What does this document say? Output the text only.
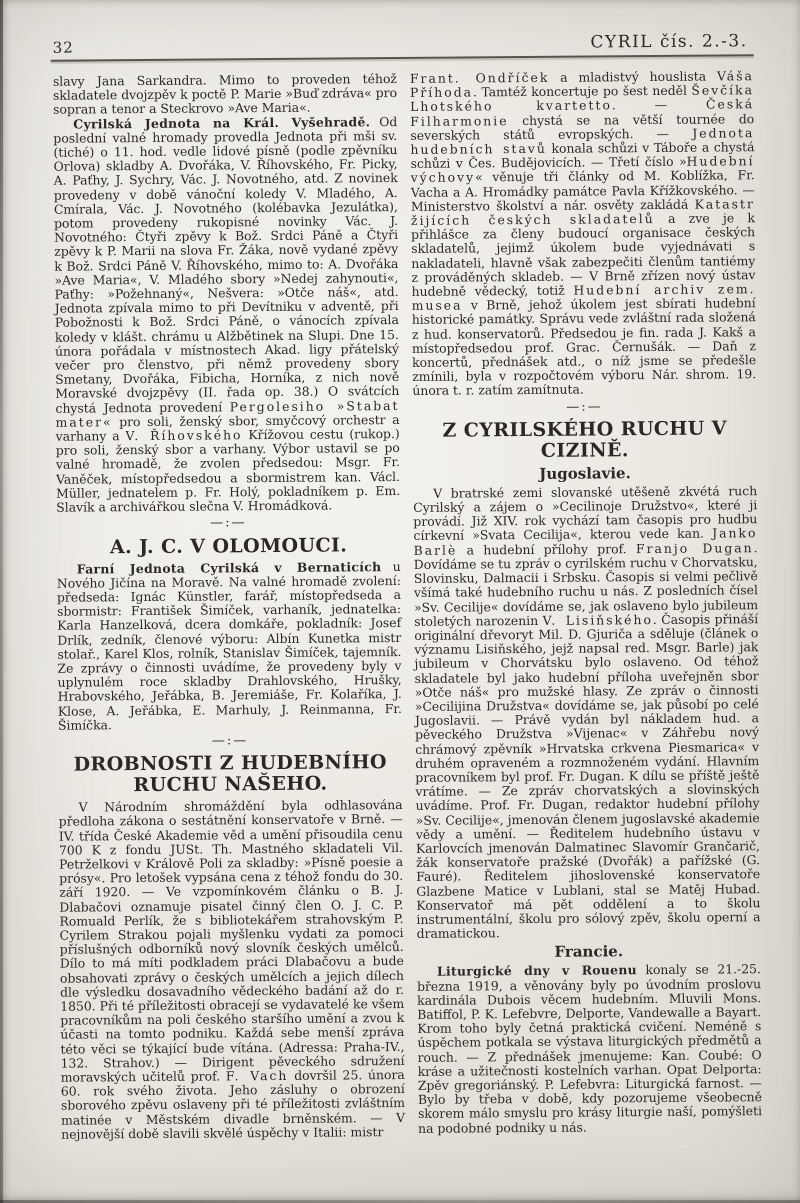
32	CYRIL čís. 2.-3.

slavy Jana Sarkandra. Mimo to proveden téhož skladatele dvojzpěv k poctě P. Marie »Buď zdráva« pro sopran a tenor a Steckrovo »Ave Maria«.

Cyrilská Jednota na Král. Vyšehradě. Od poslední valné hromady provedla Jednota při mši sv. (tiché) o 11. hod. vedle lidové písně (podle zpěvníku Orlova) skladby A. Dvořáka, V. Říhovského, Fr. Picky, A. Paťhy, J. Sychry, Vác. J. Novotného, atd. Z novinek provedeny v době vánoční koledy V. Mladého, A. Cmírala, Vác. J. Novotného (kolébavka Jezulátka), potom provedeny rukopisné novinky Vác. J. Novotného: Čtyři zpěvy k Bož. Srdci Páně a Čtyři zpěvy k P. Marii na slova Fr. Žáka, nově vydané zpěvy k Bož. Srdci Páně V. Říhovského, mimo to: A. Dvořáka »Ave Maria«, V. Mladého sbory »Nedej zahynouti«, Paťhy: »Požehnaný«, Nešvera: »Otče náš«, atd. Jednota zpívala mimo to při Devítniku v adventě, při Pobožnosti k Bož. Srdci Páně, o vánocích zpívala koledy v klášt. chrámu u Alžbětinek na Slupi. Dne 15. února pořádala v místnostech Akad. ligy přátelský večer pro členstvo, při němž provedeny sbory Smetany, Dvořáka, Fibicha, Horníka, z nich nově Moravské dvojzpěvy (II. řada op. 38.) O svátcích chystá Jednota provedení Pergolesiho »Stabat mater« pro soli, ženský sbor, smyčcový orchestr a varhany a V. Říhovského Křížovou cestu (rukop.) pro soli, ženský sbor a varhany. Výbor ustavil se po valné hromadě, že zvolen předsedou: Msgr. Fr. Vaněček, místopředsedou a sbormistrem kan. Václ. Müller, jednatelem p. Fr. Holý, pokladníkem p. Em. Slavík a archivářkou slečna V. Hromádková.

—:—
A. J. C. V OLOMOUCI.

Farní Jednota Cyrilská v Bernaticích u Nového Jičína na Moravě. Na valné hromadě zvolení: předseda: Ignác Künstler, farář, místopředseda a sbormistr: František Šimíček, varhaník, jednatelka: Karla Hanzelková, dcera domkáře, pokladník: Josef Drlík, zedník, členové výboru: Albín Kunetka mistr stolař., Karel Klos, rolník, Stanislav Šimíček, tajemník. Ze zprávy o činnosti uvádíme, že provedeny byly v uplynulém roce skladby Drahlovského, Hrušky, Hrabovského, Jeřábka, B. Jeremiáše, Fr. Kolaříka, J. Klose, A. Jeřábka, E. Marhuly, J. Reinmanna, Fr. Šimíčka.

—:—
DROBNOSTI Z HUDEBNÍHO RUCHU NAŠEHO.

V Národním shromáždění byla odhlasována předloha zákona o sestátnění konservatoře v Brně. — IV. třída České Akademie věd a umění přisoudila cenu 700 K z fondu JUSt. Th. Mastného skladateli Vil. Petrželkovi v Králově Poli za skladby: »Písně poesie a prósy«. Pro letošek vypsána cena z téhož fondu do 30. září 1920. — Ve vzpomínkovém článku o B. J. Dlabačovi oznamuje pisatel činný člen O. J. C. P. Romuald Perlík, že s bibliotekářem strahovským P. Cyrilem Strakou pojali myšlenku vydati za pomoci příslušných odborníků nový slovník českých umělců. Dílo to má míti podkladem práci Dlabačovu a bude obsahovati zprávy o českých umělcích a jejich dílech dle výsledku dosavadního vědeckého badání až do r. 1850. Při té příležitosti obracejí se vydavatelé ke všem pracovníkům na poli českého staršího umění a zvou k účasti na tomto podniku. Každá sebe menší zpráva této věci se týkající bude vítána. (Adressa: Praha-IV., 132. Strahov.) — Dirigent pěveckého sdružení moravských učitelů prof. F. Vach dovršil 25. února 60. rok svého života. Jeho zásluhy o obrození sborového zpěvu oslaveny při té příležitosti zvláštním matinée v Městském divadle brněnském. — V nejnovější době slavili skvělé úspěchy v Italii: mistr

Frant. Ondříček a mladistvý houslista Váša Příhoda. Tamtéž koncertuje po šest neděl Ševčíka Lhotského kvartetto. — Česká Filharmonie chystá se na větší tournée do severských států evropských. — Jednota hudebních stavů konala schůzi v Táboře a chystá schůzi v Čes. Budějovicích. — Třetí číslo »Hudební výchovy« věnuje tři články od M. Koblížka, Fr. Vacha a A. Hromádky památce Pavla Křížkovského. — Ministerstvo školství a nár. osvěty zakládá Katastr žijících českých skladatelů a zve je k přihlášce za členy budoucí organisace českých skladatelů, jejimž úkolem bude vyjednávati s nakladateli, hlavně však zabezpečiti členům tantiémy z prováděných skladeb. — V Brně zřízen nový ústav hudebně vědecký, totiž Hudební archiv zem. musea v Brně, jehož úkolem jest sbírati hudební historické památky. Správu vede zvláštní rada složená z hud. konservatorů. Předsedou je fin. rada J. Kakš a místopředsedou prof. Grac. Černušák. — Daň z koncertů, přednášek atd., o níž jsme se předešle zmínili, byla v rozpočtovém výboru Nár. shrom. 19. února t. r. zatím zamítnuta.

—:—
Z CYRILSKÉHO RUCHU V CIZINĚ.
Jugoslavie.

V bratrské zemi slovanské utěšeně zkvétá ruch Cyrilský a zájem o »Cecilinoje Družstvo«, které ji provádí. Již XIV. rok vychází tam časopis pro hudbu církevní »Svata Cecilija«, kterou vede kan. Janko Barlè a hudební přílohy prof. Franjo Dugan. Dovídáme se tu zpráv o cyrilském ruchu v Chorvatsku, Slovinsku, Dalmacii i Srbsku. Časopis si velmi pečlivě všímá také hudebního ruchu u nás. Z posledních čísel »Sv. Cecilije« dovídáme se, jak oslaveno bylo jubileum stoletých narozenin V. Lisiňského. Časopis přináší originální dřevoryt Mil. D. Gjuriča a sděluje (článek o významu Lisiňského, jejž napsal red. Msgr. Barle) jak jubileum v Chorvátsku bylo oslaveno. Od téhož skladatele byl jako hudební příloha uveřejněn sbor »Otče náš« pro mužské hlasy. Ze zpráv o činnosti »Cecilijina Družstva« dovídáme se, jak působí po celé Jugoslavii. — Právě vydán byl nákladem hud. a pěveckého Družstva »Vijenac« v Záhřebu nový chrámový zpěvník »Hrvatska crkvena Piesmarica« v druhém opraveném a rozmnoženém vydání. Hlavním pracovníkem byl prof. Fr. Dugan. K dílu se příště ještě vrátíme. — Ze zpráv chorvatských a slovinských uvádíme. Prof. Fr. Dugan, redaktor hudební přílohy »Sv. Cecilije«, jmenován členem jugoslavské akademie vědy a umění. — Ředitelem hudebního ústavu v Karlovcích jmenován Dalmatinec Slavomír Grančarič, žák konservatoře pražské (Dvořák) a pařížské (G. Fauré). Ředitelem jihoslovenské konservatoře Glazbene Matice v Lublani, stal se Matěj Hubad. Konservatoř má pět oddělení a to školu instrumentální, školu pro sólový zpěv, školu operní a dramatickou.

Francie.

Liturgické dny v Rouenu konaly se 21.-25. března 1919, a věnovány byly po úvodním proslovu kardinála Dubois věcem hudebním. Mluvili Mons. Batiffol, P. K. Lefebvre, Delporte, Vandewalle a Bayart. Krom toho byly četná praktická cvičení. Neméně s úspěchem potkala se výstava liturgických předmětů a rouch. — Z přednášek jmenujeme: Kan. Coubé: O kráse a užitečnosti kostelních varhan. Opat Delporta: Zpěv gregoriánský. P. Lefebvra: Liturgická farnost. — Bylo by třeba v době, kdy pozorujeme všeobecně skorem málo smyslu pro krásy liturgie naší, pomýšleti na podobné podniky u nás.
